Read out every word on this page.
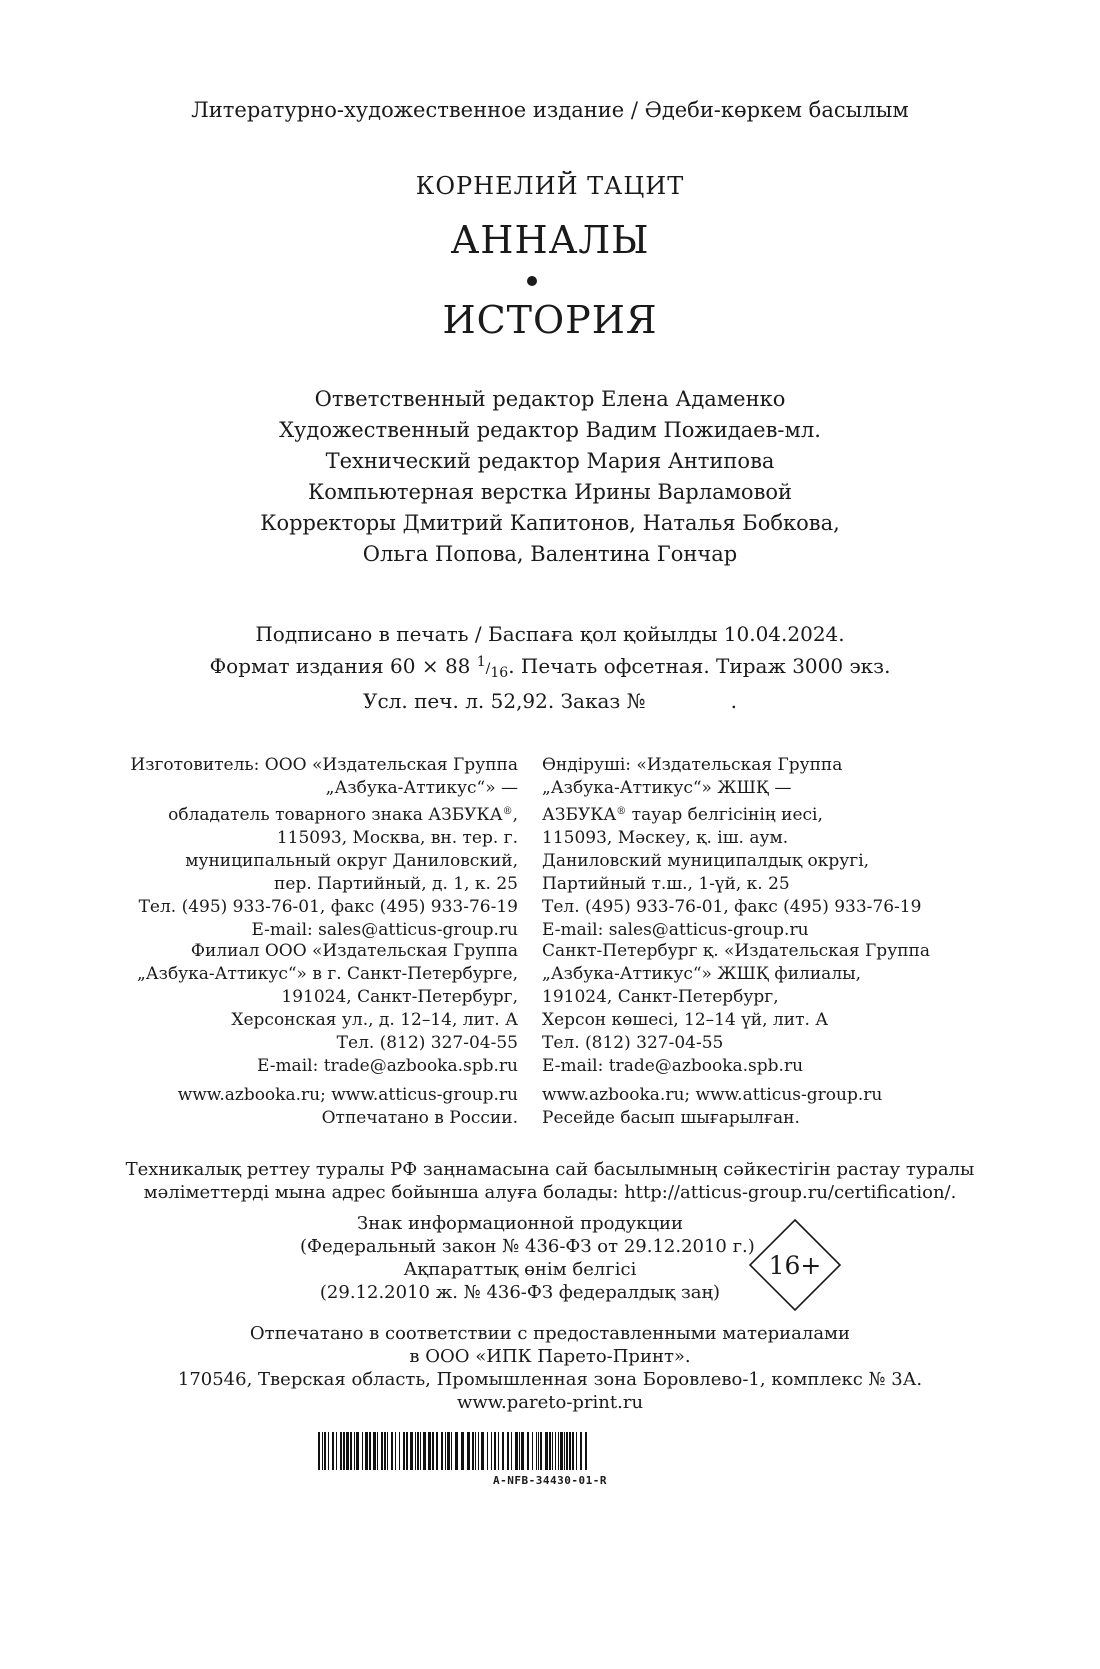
Литературно-художественное издание / Әдеби-көркем басылым
КОРНЕЛИЙ ТАЦИТ
АННАЛЫ
ИСТОРИЯ
Ответственный редактор Елена Адаменко
Художественный редактор Вадим Пожидаев-мл.
Технический редактор Мария Антипова
Компьютерная верстка Ирины Варламовой
Корректоры Дмитрий Капитонов, Наталья Бобкова,
Ольга Попова, Валентина Гончар
Подписано в печать / Баспаға қол қойылды 10.04.2024.
Формат издания 60 × 88 1/16. Печать офсетная. Тираж 3000 экз.
Усл. печ. л. 52,92. Заказ №	.
Изготовитель: ООО «Издательская Группа
„Азбука-Аттикус“» —
обладатель товарного знака АЗБУКА®,
115093, Москва, вн. тер. г.
муниципальный округ Даниловский,
пер. Партийный, д. 1, к. 25
Тел. (495) 933-76-01, факс (495) 933-76-19
E-mail: sales@atticus-group.ru
Өндіруші: «Издательская Группа
„Азбука-Аттикус“» ЖШҚ —
АЗБУКА® тауар белгісінің иесі,
115093, Мәскеу, қ. іш. аум.
Даниловский муниципалдық округі,
Партийный т.ш., 1-үй, к. 25
Тел. (495) 933-76-01, факс (495) 933-76-19
E-mail: sales@atticus-group.ru
Филиал ООО «Издательская Группа
„Азбука-Аттикус“» в г. Санкт-Петербурге,
191024, Санкт-Петербург,
Херсонская ул., д. 12–14, лит. А
Тел. (812) 327-04-55
E-mail: trade@azbooka.spb.ru
Санкт-Петербург қ. «Издательская Группа
„Азбука-Аттикус“» ЖШҚ филиалы,
191024, Санкт-Петербург,
Херсон көшесі, 12–14 үй, лит. А
Тел. (812) 327-04-55
E-mail: trade@azbooka.spb.ru
www.azbooka.ru; www.atticus-group.ru
Отпечатано в России.
www.azbooka.ru; www.atticus-group.ru
Ресейде басып шығарылған.
Техникалық реттеу туралы РФ заңнамасына сай басылымның сәйкестігін растау туралы
мәліметтерді мына адрес бойынша алуға болады: http://atticus-group.ru/certification/.
Знак информационной продукции
(Федеральный закон № 436-ФЗ от 29.12.2010 г.)
Ақпараттық өнім белгісі
(29.12.2010 ж. № 436-ФЗ федералдық заң)
16+
Отпечатано в соответствии с предоставленными материалами
в ООО «ИПК Парето-Принт».
170546, Тверская область, Промышленная зона Боровлево-1, комплекс № 3А.
www.pareto-print.ru
A-NFB-34430-01-R
